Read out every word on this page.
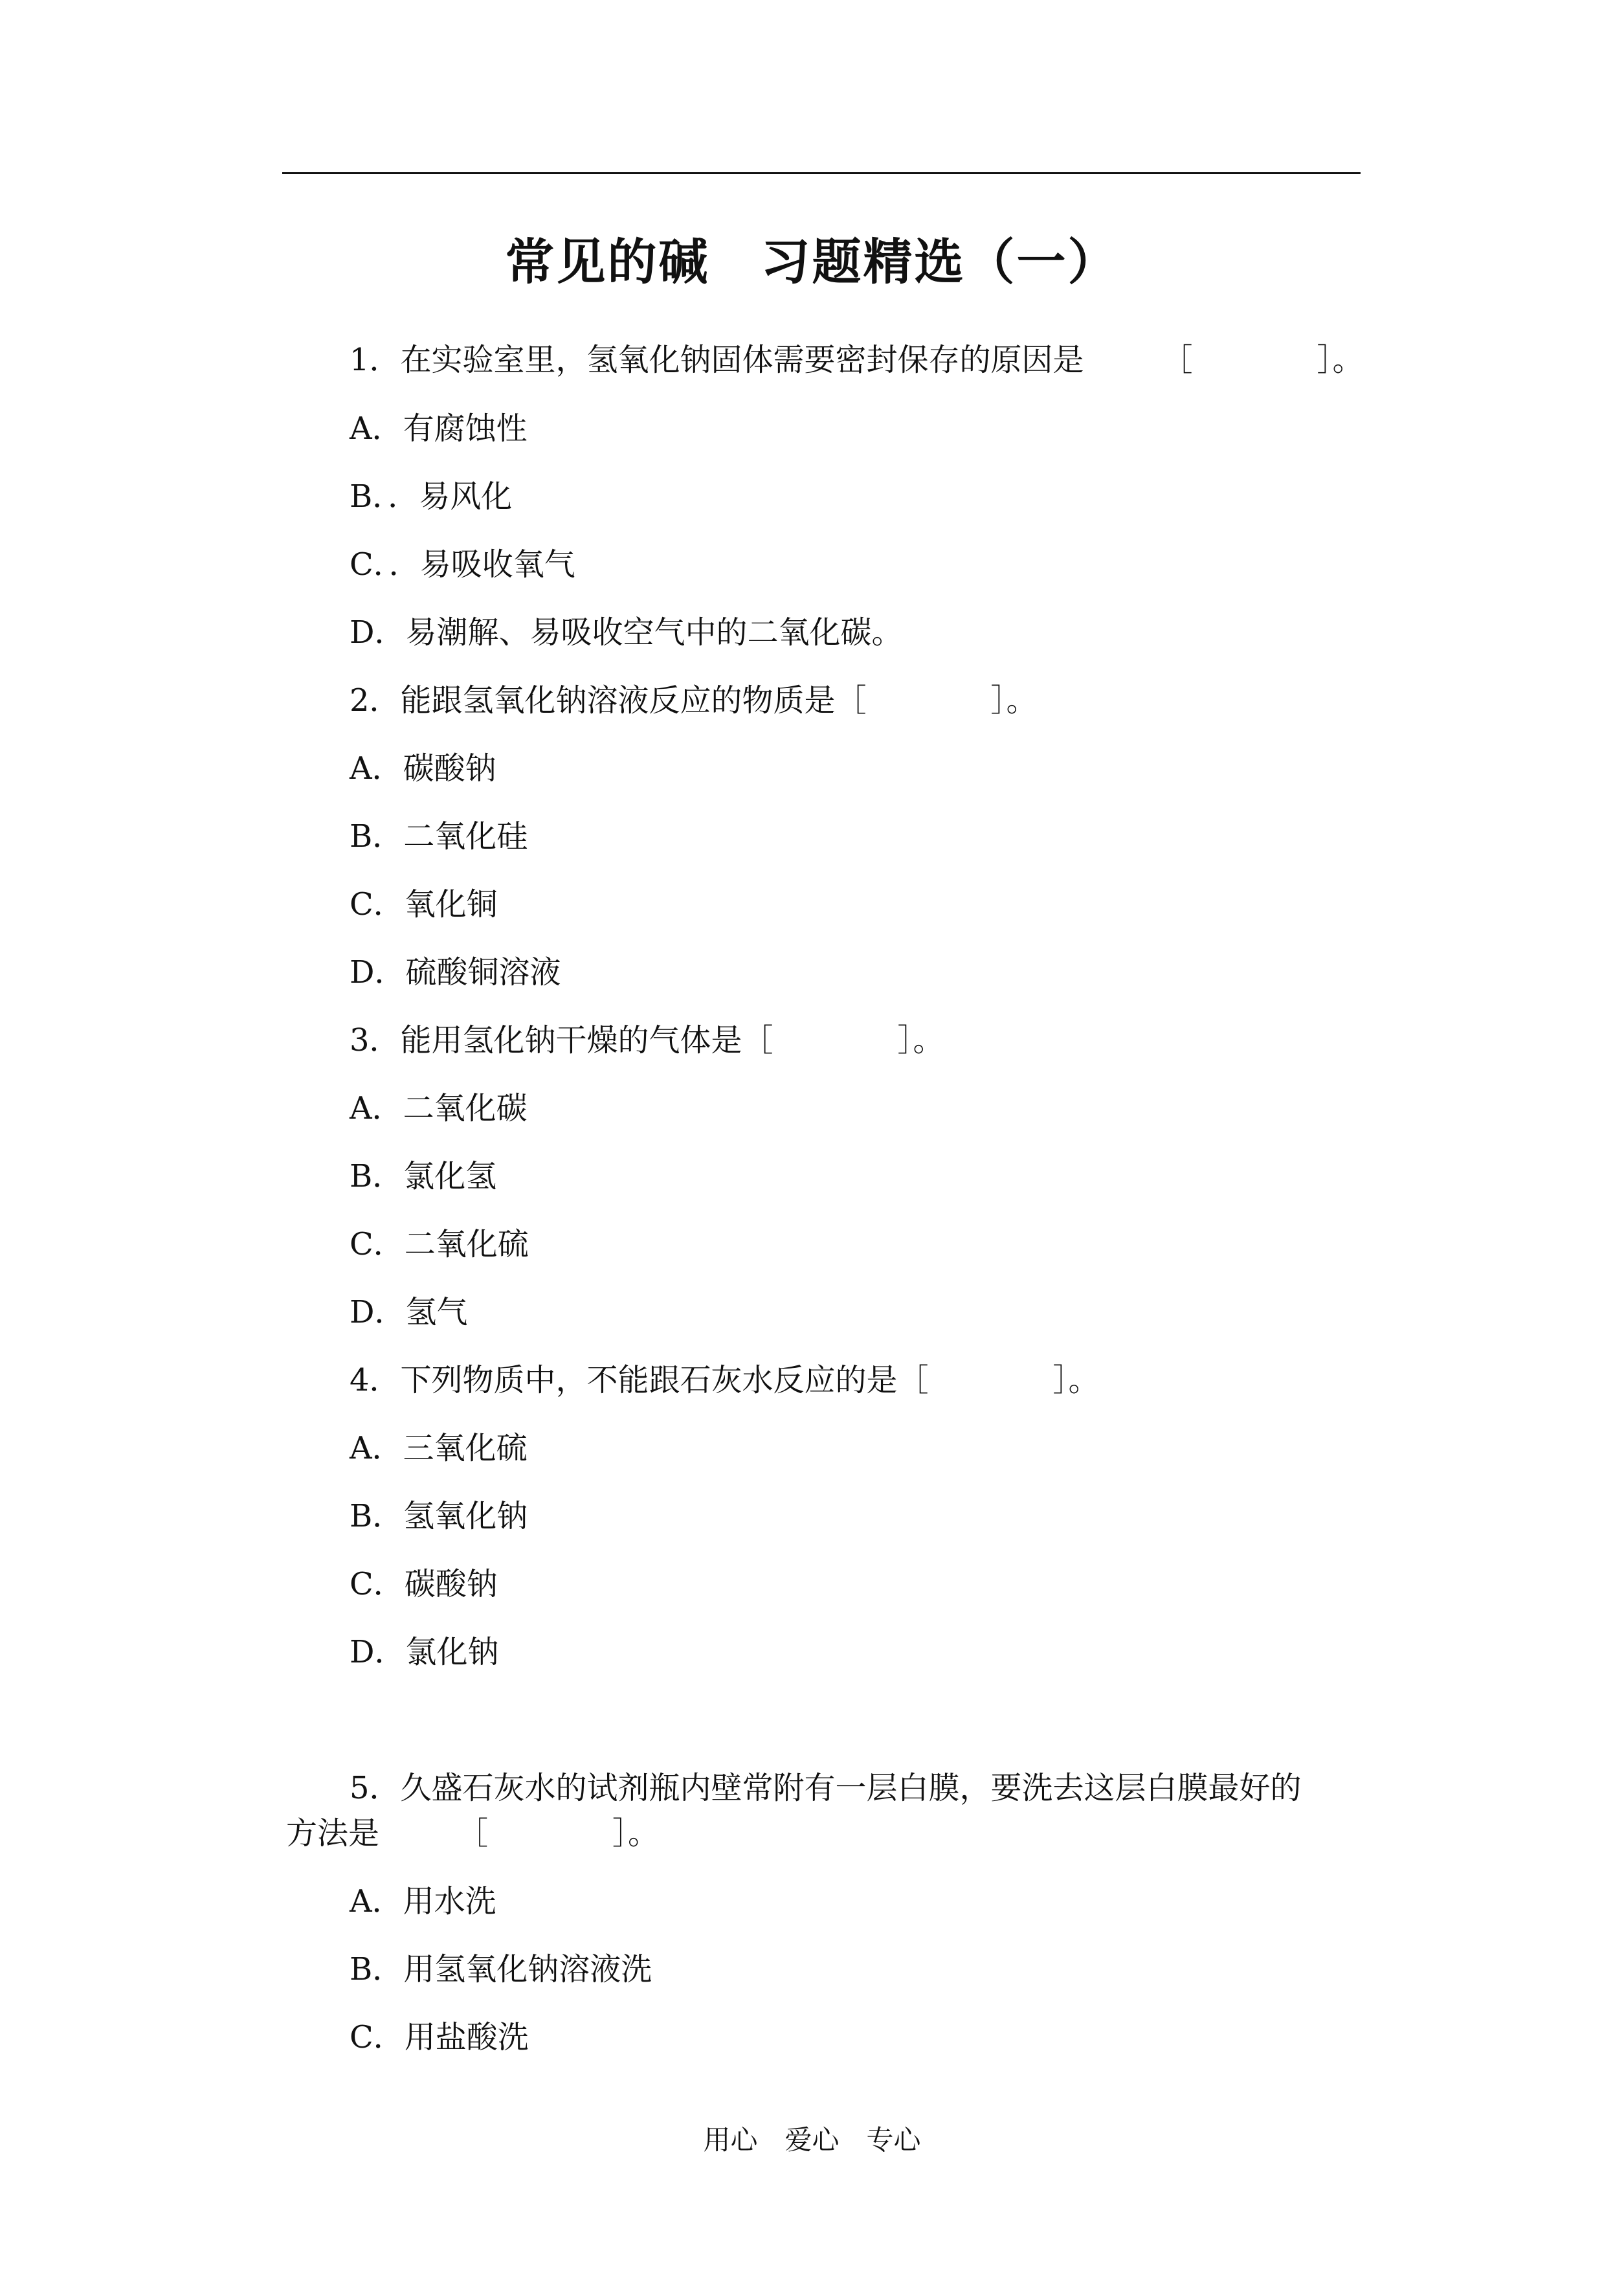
常见的碱　习题精选（一）
1．在实验室里，氢氧化钠固体需要密封保存的原因是　　　［　　　　］。
A．有腐蚀性
B．．易风化
C．．易吸收氧气
D．易潮解、易吸收空气中的二氧化碳。
2．能跟氢氧化钠溶液反应的物质是［　　　　］。
A．碳酸钠
B．二氧化硅
C．氧化铜
D．硫酸铜溶液
3．能用氢化钠干燥的气体是［　　　　］。
A．二氧化碳
B．氯化氢
C．二氧化硫
D．氢气
4．下列物质中，不能跟石灰水反应的是［　　　　］。
A．三氧化硫
B．氢氧化钠
C．碳酸钠
D．氯化钠
5．久盛石灰水的试剂瓶内壁常附有一层白膜，要洗去这层白膜最好的
方法是　　　［　　　　］。
A．用水洗
B．用氢氧化钠溶液洗
C．用盐酸洗
用心　爱心　专心
